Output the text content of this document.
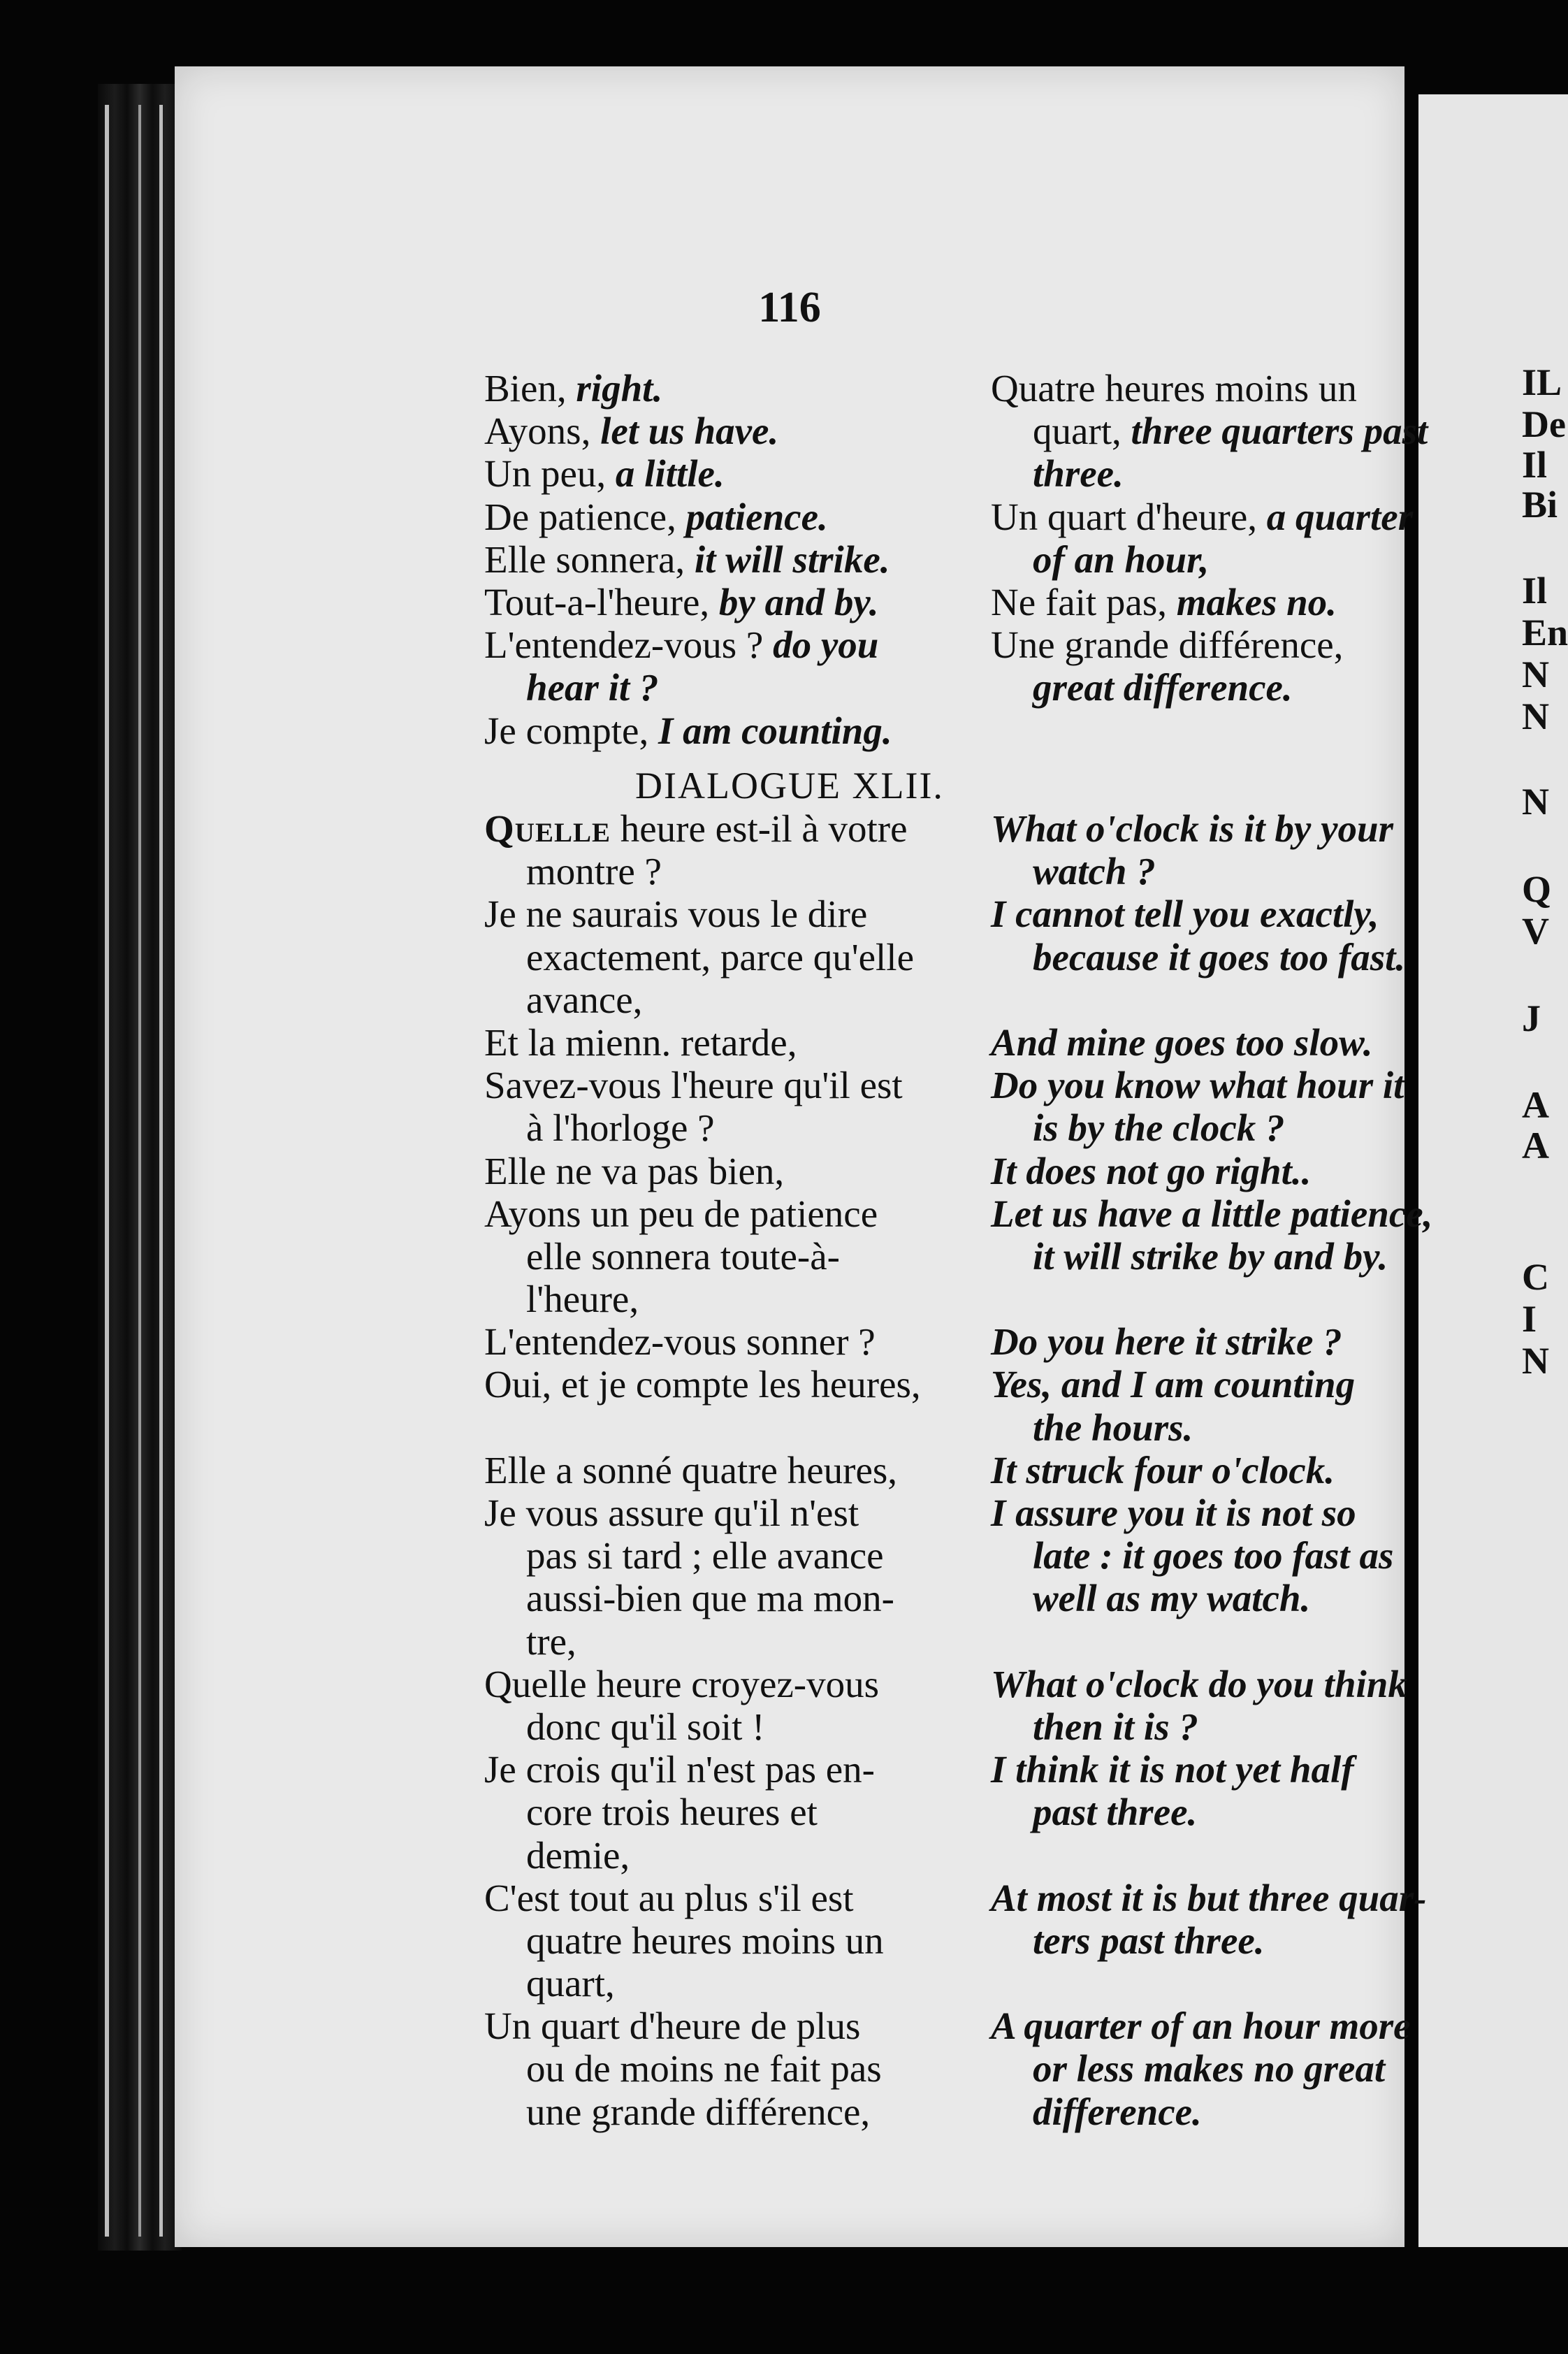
IL
De
Il
Bi
Il
En
N
N
N
Q
V
J
A
A
C
I
N
116
Bien, right.
Ayons, let us have.
Un peu, a little.
De patience, patience.
Elle sonnera, it will strike.
Tout-a-l'heure, by and by.
L'entendez-vous ? do you
hear it ?
Je compte, I am counting.
Quatre heures moins un
quart, three quarters past
three.
Un quart d'heure, a quarter
of an hour,
Ne fait pas, makes no.
Une grande différence,
great difference.
DIALOGUE XLII.
Quelle heure est-il à votre
montre ?
Je ne saurais vous le dire
exactement, parce qu'elle
avance,
Et la mienn. retarde,
Savez-vous l'heure qu'il est
à l'horloge ?
Elle ne va pas bien,
Ayons un peu de patience
elle sonnera toute-à-
l'heure,
L'entendez-vous sonner ?
Oui, et je compte les heures,
Elle a sonné quatre heures,
Je vous assure qu'il n'est
pas si tard ; elle avance
aussi-bien que ma mon-
tre,
Quelle heure croyez-vous
donc qu'il soit !
Je crois qu'il n'est pas en-
core trois heures et
demie,
C'est tout au plus s'il est
quatre heures moins un
quart,
Un quart d'heure de plus
ou de moins ne fait pas
une grande différence,
What o'clock is it by your
watch ?
I cannot tell you exactly,
because it goes too fast.
And mine goes too slow.
Do you know what hour it
is by the clock ?
It does not go right..
Let us have a little patience,
it will strike by and by.
Do you here it strike ?
Yes, and I am counting
the hours.
It struck four o'clock.
I assure you it is not so
late : it goes too fast as
well as my watch.
What o'clock do you think
then it is ?
I think it is not yet half
past three.
At most it is but three quar-
ters past three.
A quarter of an hour more
or less makes no great
difference.
